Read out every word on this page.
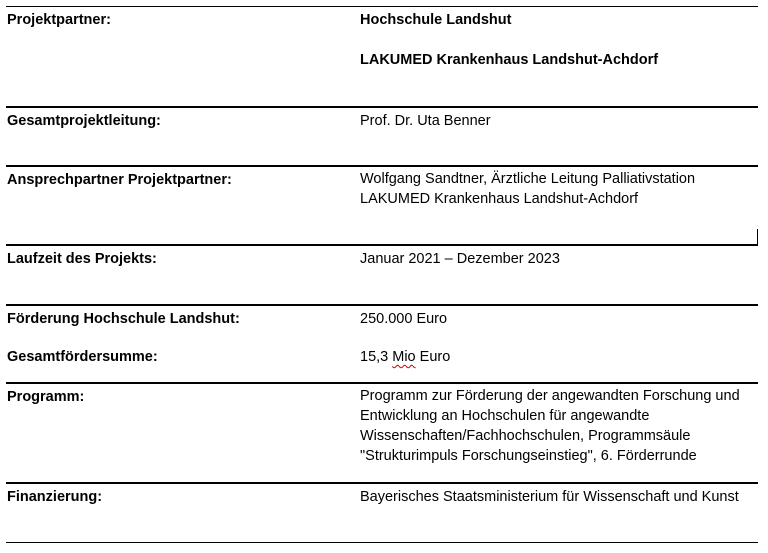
Projektpartner:	Hochschule Landshut
LAKUMED Krankenhaus Landshut-Achdorf
Gesamtprojektleitung:	Prof. Dr. Uta Benner
Ansprechpartner Projektpartner:	Wolfgang Sandtner, Ärztliche Leitung Palliativstation
LAKUMED Krankenhaus Landshut-Achdorf
Laufzeit des Projekts:	Januar 2021 – Dezember 2023
Förderung Hochschule Landshut:	250.000 Euro
Gesamtfördersumme:	15,3 Mio Euro
Programm:	Programm zur Förderung der angewandten Forschung und
Entwicklung an Hochschulen für angewandte
Wissenschaften/Fachhochschulen, Programmsäule
"Strukturimpuls Forschungseinstieg", 6. Förderrunde
Finanzierung:	Bayerisches Staatsministerium für Wissenschaft und Kunst
